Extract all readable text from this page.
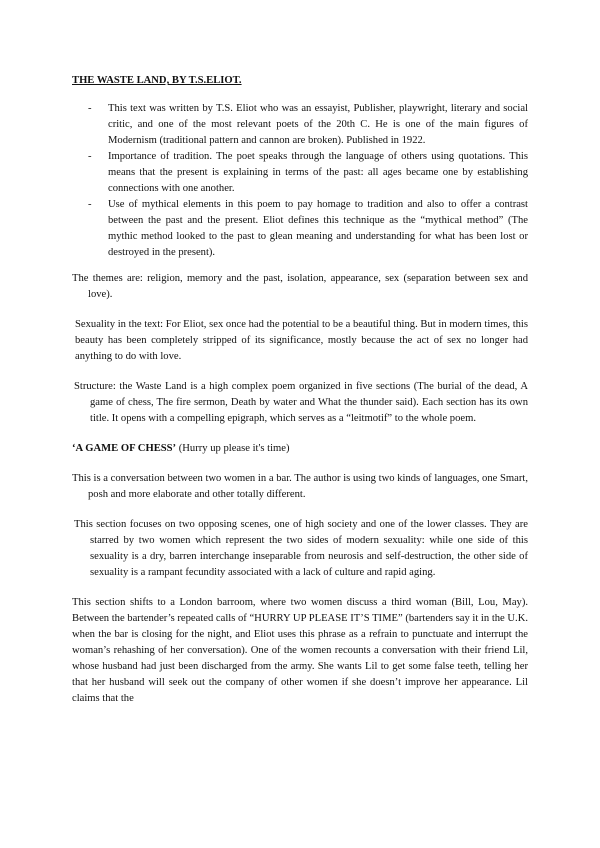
THE WASTE LAND, BY T.S.ELIOT.

- This text was written by T.S. Eliot who was an essayist, Publisher, playwright, literary and social critic, and one of the most relevant poets of the 20th C. He is one of the main figures of Modernism (traditional pattern and cannon are broken). Published in 1922.
- Importance of tradition. The poet speaks through the language of others using quotations. This means that the present is explaining in terms of the past: all ages became one by establishing connections with one another.
- Use of mythical elements in this poem to pay homage to tradition and also to offer a contrast between the past and the present. Eliot defines this technique as the “mythical method” (The mythic method looked to the past to glean meaning and understanding for what has been lost or destroyed in the present).

The themes are: religion, memory and the past, isolation, appearance, sex (separation between sex and love).

Sexuality in the text: For Eliot, sex once had the potential to be a beautiful thing. But in modern times, this beauty has been completely stripped of its significance, mostly because the act of sex no longer had anything to do with love.

Structure: the Waste Land is a high complex poem organized in five sections (The burial of the dead, A game of chess, The fire sermon, Death by water and What the thunder said). Each section has its own title. It opens with a compelling epigraph, which serves as a “leitmotif” to the whole poem.

‘A GAME OF CHESS’ (Hurry up please it's time)

This is a conversation between two women in a bar. The author is using two kinds of languages, one Smart, posh and more elaborate and other totally different.

This section focuses on two opposing scenes, one of high society and one of the lower classes. They are starred by two women which represent the two sides of modern sexuality: while one side of this sexuality is a dry, barren interchange inseparable from neurosis and self-destruction, the other side of sexuality is a rampant fecundity associated with a lack of culture and rapid aging.

This section shifts to a London barroom, where two women discuss a third woman (Bill, Lou, May). Between the bartender’s repeated calls of “HURRY UP PLEASE IT’S TIME” (bartenders say it in the U.K. when the bar is closing for the night, and Eliot uses this phrase as a refrain to punctuate and interrupt the woman’s rehashing of her conversation). One of the women recounts a conversation with their friend Lil, whose husband had just been discharged from the army. She wants Lil to get some false teeth, telling her that her husband will seek out the company of other women if she doesn’t improve her appearance. Lil claims that the
